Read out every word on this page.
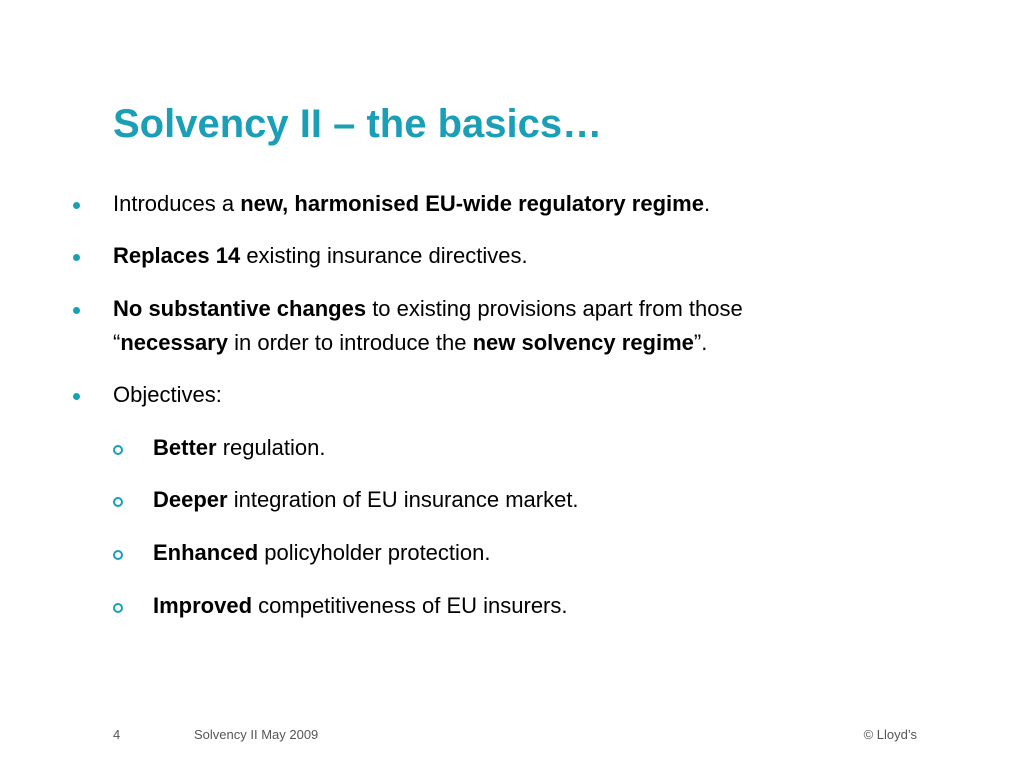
Solvency II – the basics…
Introduces a new, harmonised EU-wide regulatory regime.
Replaces 14 existing insurance directives.
No substantive changes to existing provisions apart from those
“necessary in order to introduce the new solvency regime”.
Objectives:
Better regulation.
Deeper integration of EU insurance market.
Enhanced policyholder protection.
Improved competitiveness of EU insurers.
4	Solvency II May 2009	© Lloyd’s
